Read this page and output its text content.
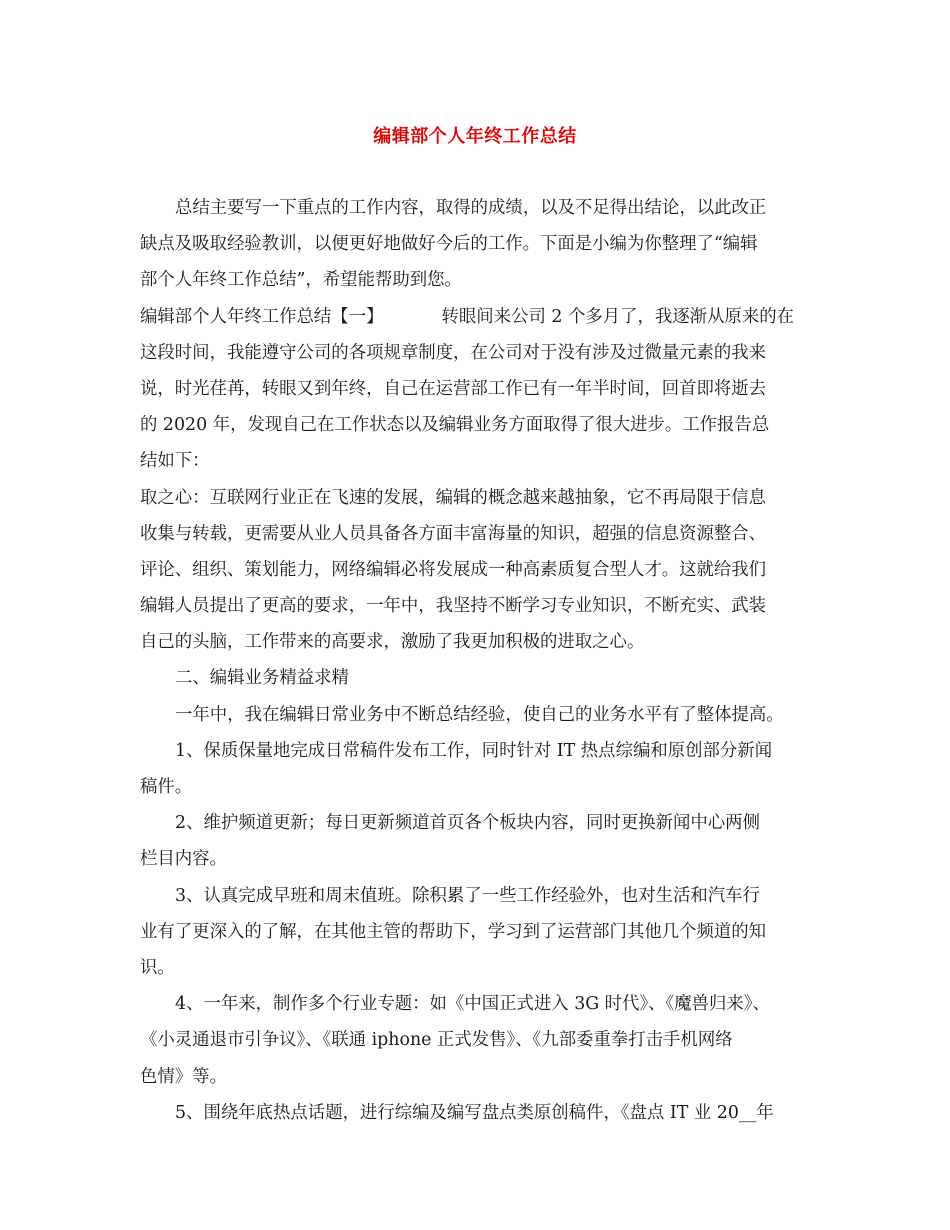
编辑部个人年终工作总结
总结主要写一下重点的工作内容，取得的成绩，以及不足得出结论，以此改正
缺点及吸取经验教训，以便更好地做好今后的工作。下面是小编为你整理了“编辑
部个人年终工作总结”，希望能帮助到您。
编辑部个人年终工作总结【一】	转眼间来公司 2 个多月了，我逐渐从原来的在
这段时间，我能遵守公司的各项规章制度，在公司对于没有涉及过微量元素的我来
说，时光荏苒，转眼又到年终，自己在运营部工作已有一年半时间，回首即将逝去
的 2020 年，发现自己在工作状态以及编辑业务方面取得了很大进步。工作报告总
结如下：
取之心：互联网行业正在飞速的发展，编辑的概念越来越抽象，它不再局限于信息
收集与转载，更需要从业人员具备各方面丰富海量的知识，超强的信息资源整合、
评论、组织、策划能力，网络编辑必将发展成一种高素质复合型人才。这就给我们
编辑人员提出了更高的要求，一年中，我坚持不断学习专业知识，不断充实、武装
自己的头脑，工作带来的高要求，激励了我更加积极的进取之心。
二、编辑业务精益求精
一年中，我在编辑日常业务中不断总结经验，使自己的业务水平有了整体提高。
1、保质保量地完成日常稿件发布工作，同时针对 IT 热点综编和原创部分新闻
稿件。
2、维护频道更新；每日更新频道首页各个板块内容，同时更换新闻中心两侧
栏目内容。
3、认真完成早班和周末值班。除积累了一些工作经验外，也对生活和汽车行
业有了更深入的了解，在其他主管的帮助下，学习到了运营部门其他几个频道的知
识。
4、一年来，制作多个行业专题：如《中国正式进入 3G 时代》、《魔兽归来》、
《小灵通退市引争议》、《联通 iphone 正式发售》、《九部委重拳打击手机网络
色情》等。
5、围绕年底热点话题，进行综编及编写盘点类原创稿件，《盘点 IT 业 20__年
